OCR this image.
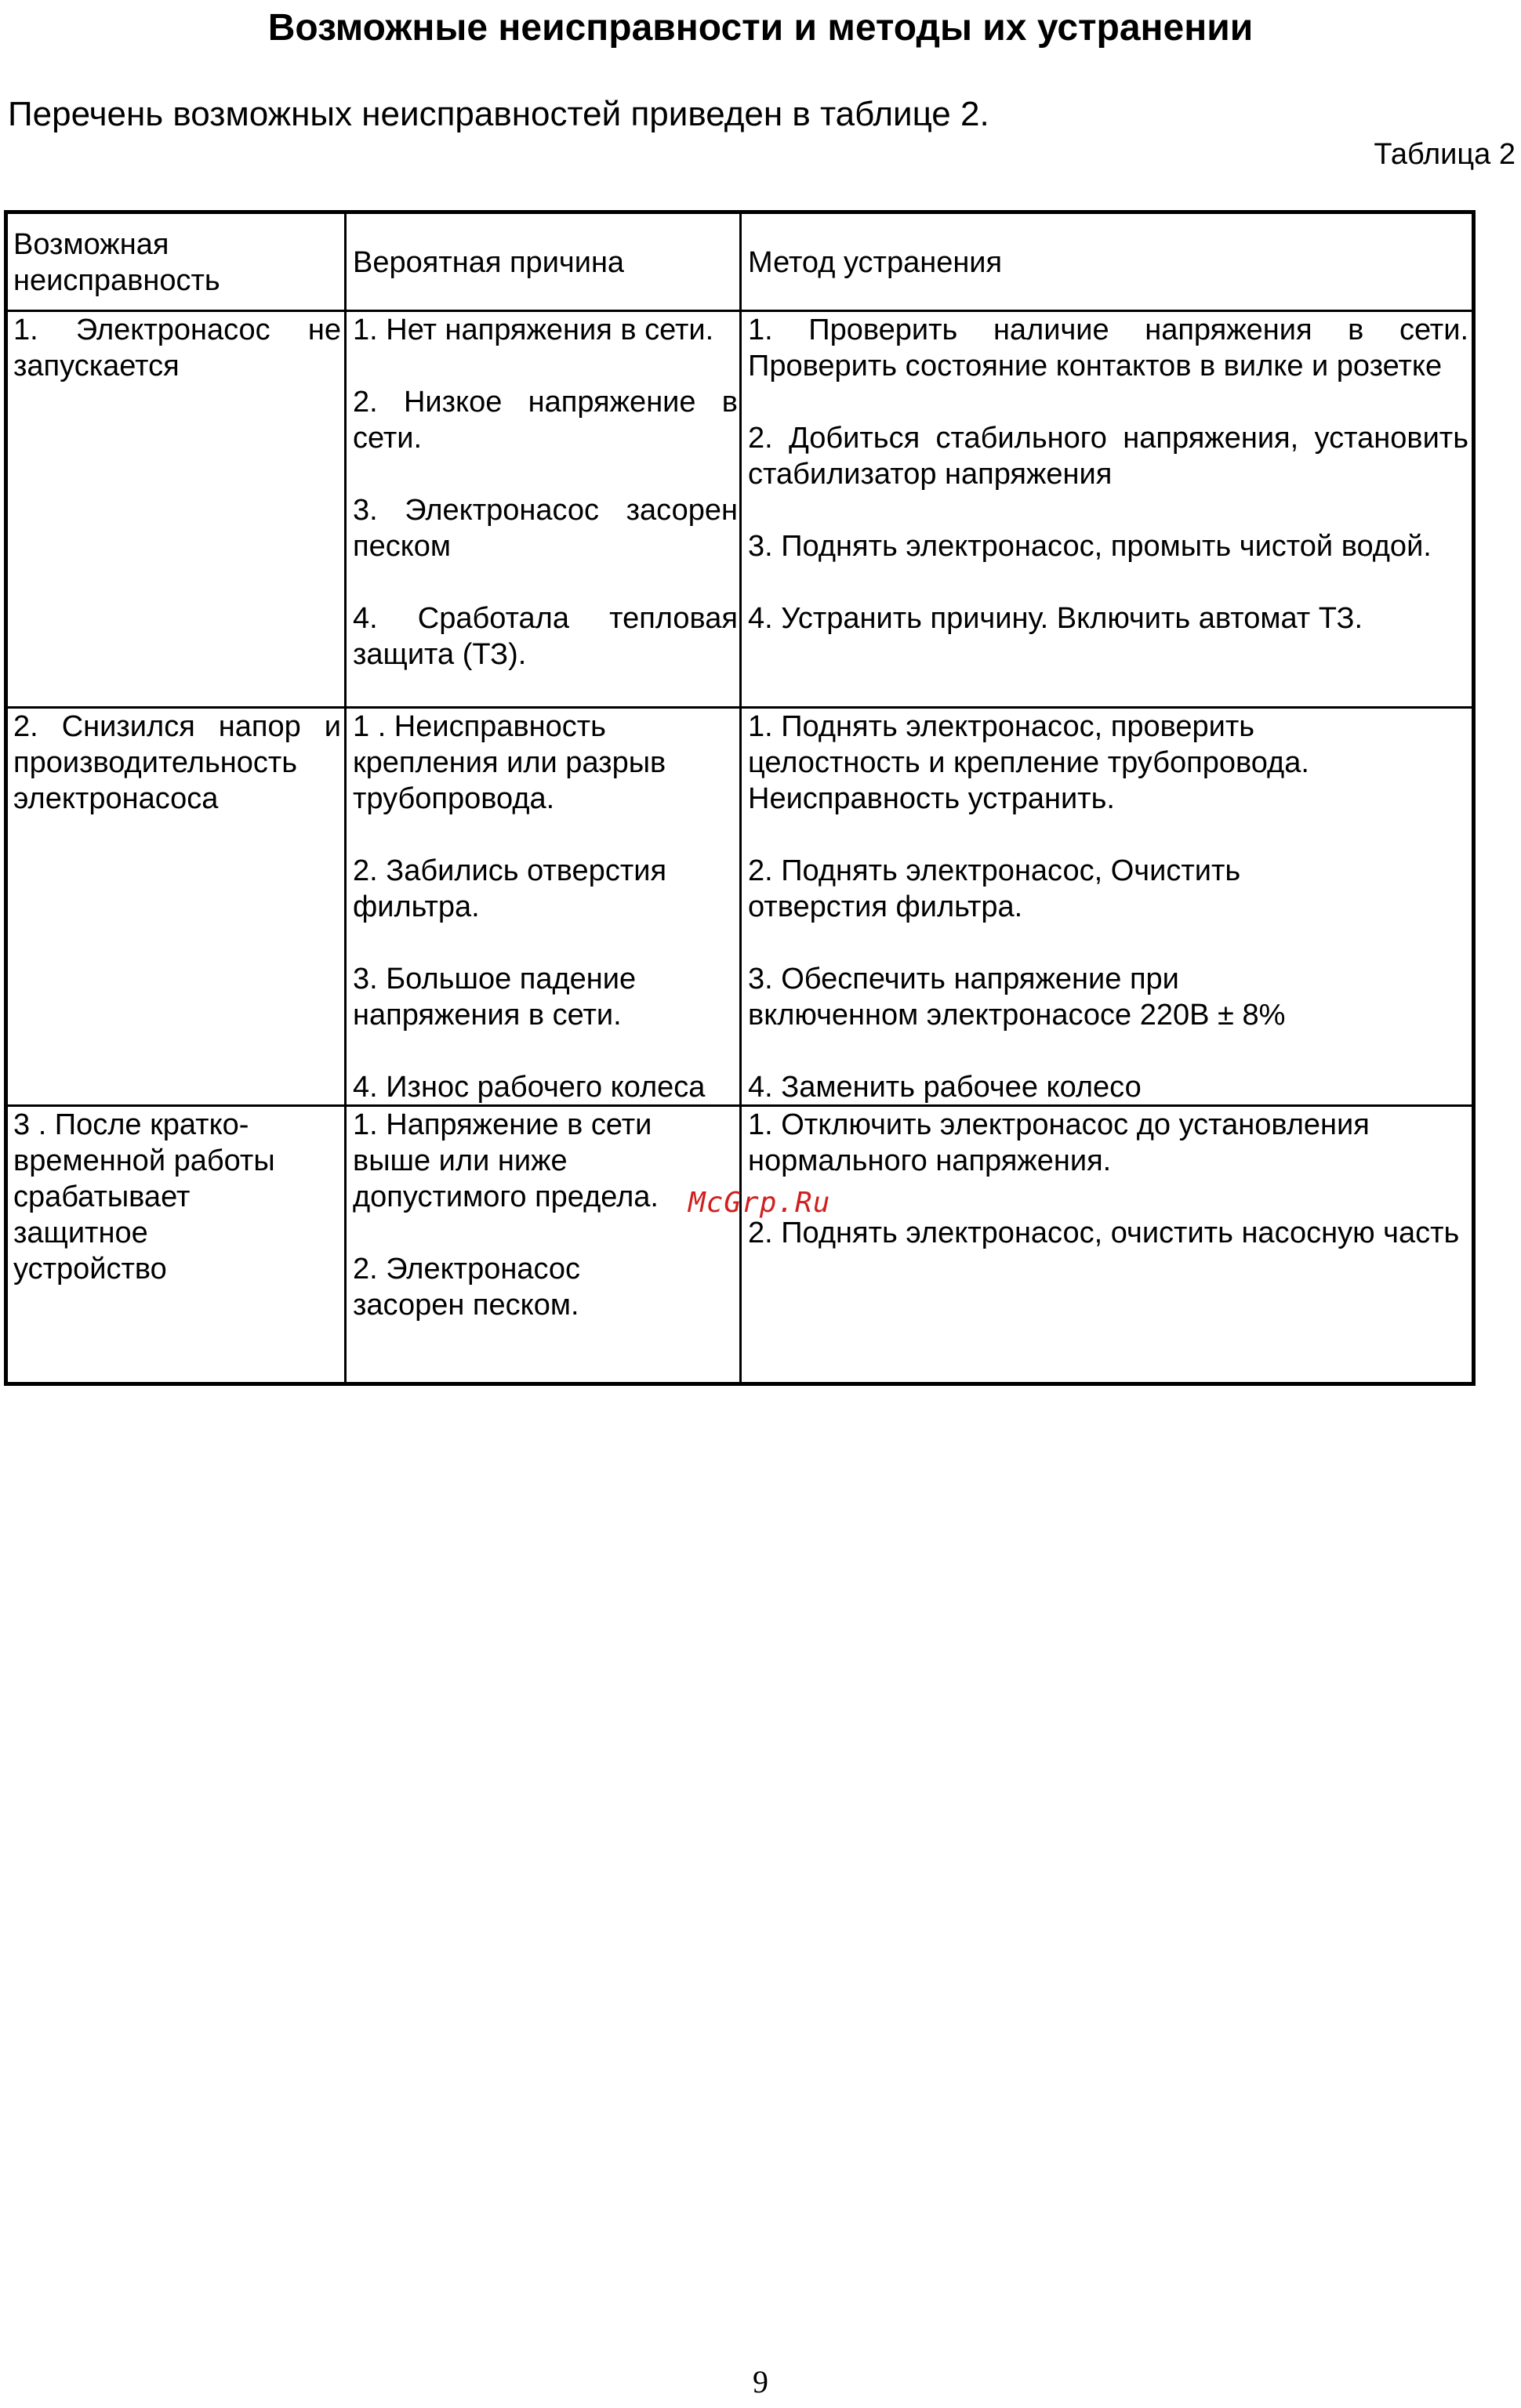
Возможные неисправности и методы их устранении
Перечень возможных неисправностей приведен в таблице 2.
Таблица 2
Возможная неисправность
Вероятная причина	Метод устранения
1. Электронасос не запускается
1. Нет напряжения в сети.
2. Низкое напряжение в сети.
3. Электронасос засорен песком
4. Сработала тепловая защита (ТЗ).
1. Проверить наличие напряжения в сети. Проверить состояние контактов в вилке и розетке
2. Добиться стабильного напряжения, установить стабилизатор напряжения
3. Поднять электронасос, промыть чистой водой.
4. Устранить причину. Включить автомат ТЗ.
2. Снизился напор и производительность электронасоса
1 . Неисправность крепления или разрыв трубопровода.
2. Забились отверстия фильтра.
3. Большое падение напряжения в сети.
4. Износ рабочего колеса
1. Поднять электронасос, проверить целостность и крепление трубопровода. Неисправность устранить.
2. Поднять электронасос, Очистить отверстия фильтра.
3. Обеспечить напряжение при включенном электронасосе 220В ± 8%
4. Заменить рабочее колесо
3 . После кратко-временной работы срабатывает защитное устройство
1. Напряжение в сети выше или ниже допустимого предела.
2. Электронасос засорен песком.
1. Отключить электронасос до установления нормального напряжения.
2. Поднять электронасос, очистить насосную часть
McGrp.Ru
9
